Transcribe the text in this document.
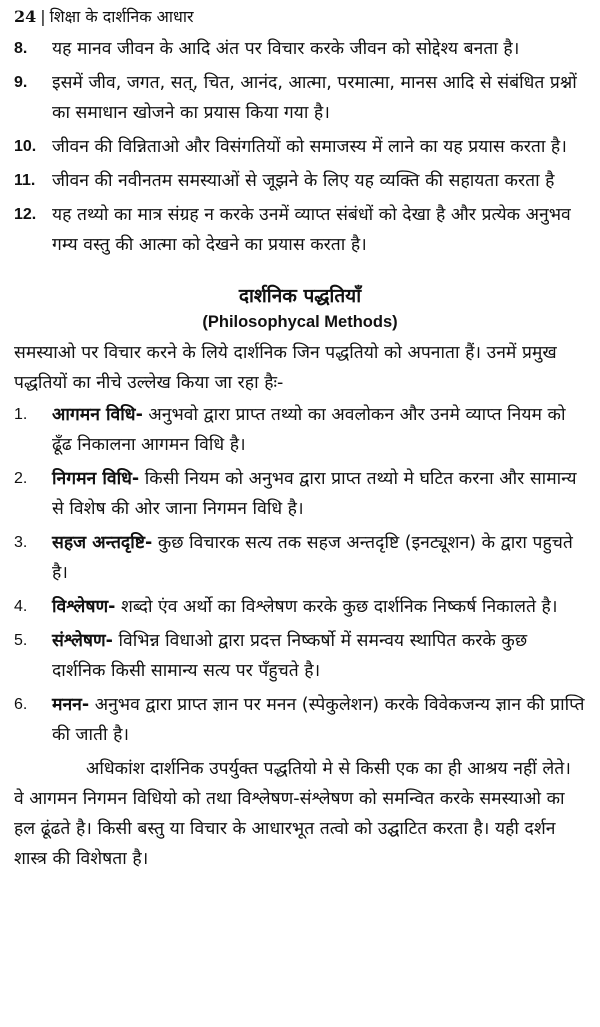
24 | शिक्षा के दार्शनिक आधार
8.	यह मानव जीवन के आदि अंत पर विचार करके जीवन को सोद्देश्य बनता है।
9.	इसमें जीव, जगत, सत्, चित, आनंद, आत्मा, परमात्मा, मानस आदि से संबंधित प्रश्नों का समाधान खोजने का प्रयास किया गया है।
10. जीवन की विन्निताओ और विसंगतियों को समाजस्य में लाने का यह प्रयास करता है।
11. जीवन की नवीनतम समस्याओं से जूझने के लिए यह व्यक्ति की सहायता करता है
12. यह तथ्यो का मात्र संग्रह न करके उनमें व्याप्त संबंधों को देखा है और प्रत्येक अनुभव गम्य वस्तु की आत्मा को देखने का प्रयास करता है।
दार्शनिक पद्धतियाँ
(Philosophycal Methods)

समस्याओ पर विचार करने के लिये दार्शनिक जिन पद्धतियो को अपनाता हैं। उनमें प्रमुख पद्धतियों का नीचे उल्लेख किया जा रहा हैः-

1.	आगमन विधि- अनुभवो द्वारा प्राप्त तथ्यो का अवलोकन और उनमे व्याप्त नियम को ढूँढ निकालना आगमन विधि है।
2.	निगमन विधि- किसी नियम को अनुभव द्वारा प्राप्त तथ्यो मे घटित करना और सामान्य से विशेष की ओर जाना निगमन विधि है।
3.	सहज अन्तदृष्टि- कुछ विचारक सत्य तक सहज अन्तदृष्टि (इनट्यूशन) के द्वारा पहुचते है।
4.	विश्लेषण- शब्दो एंव अर्थो का विश्लेषण करके कुछ दार्शनिक निष्कर्ष निकालते है।
5.	संश्लेषण- विभिन्न विधाओ द्वारा प्रदत्त निष्कर्षो में समन्वय स्थापित करके कुछ दार्शनिक किसी सामान्य सत्य पर पँहुचते है।
6.	मनन- अनुभव द्वारा प्राप्त ज्ञान पर मनन (स्पेकुलेशन) करके विवेकजन्य ज्ञान की प्राप्ति की जाती है।

अधिकांश दार्शनिक उपर्युक्त पद्धतियो मे से किसी एक का ही आश्रय नहीं लेते। वे आगमन निगमन विधियो को तथा विश्लेषण-संश्लेषण को समन्वित करके समस्याओ का हल ढूंढते है। किसी बस्तु या विचार के आधारभूत तत्वो को उद्घाटित करता है। यही दर्शन शास्त्र की विशेषता है।
